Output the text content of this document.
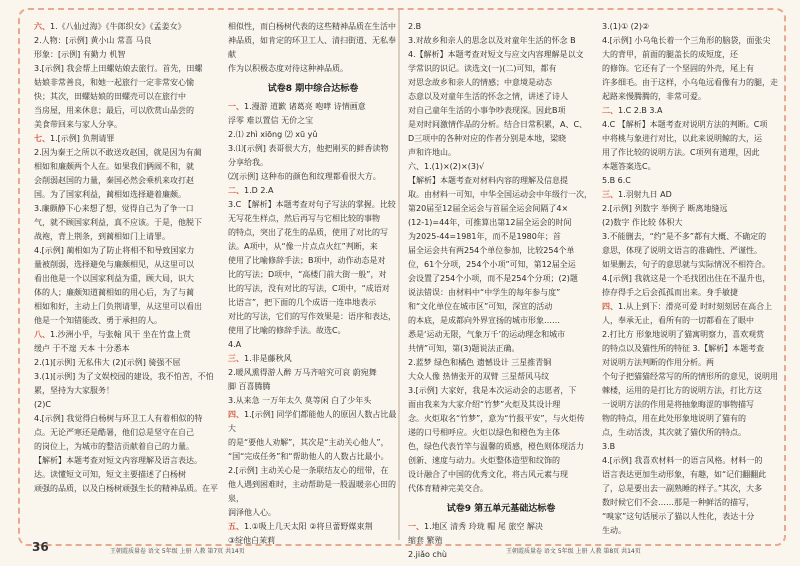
六、1.《八仙过海》《牛郎织女》《孟姜女》

2.人物：[示例] 黄小山 常喜 马良

形象：[示例] 有勤力 机智

3.[示例] 我会帮上田螺姑娘去旅行。首先，田螺

姑娘非常善良，和她一起旅行一定非常安心愉

快；其次，田螺姑娘的田螺壳可以在旅行中

当房屋，用来休息；最后，可以欣赏山品尝的

美食带回来与家人分享。

七、1.[示例] 负荆请罪

2.因为秦王之所以不敢送攻赵国，就是因为有蔺

相如和廉颇两个人在。如果我们俩闹不和，就

会削弱赵国的力量，秦国必然会乘机来攻打赵

国。为了国家利益，蔺相如选择避着廉颇。

3.廉颇静下心来想了想，觉得自己为了争一口

气，就不顾国家利益，真不应该。于是，他脱下

战袍，背上荆条，到蔺相如门上请罪。

4.[示例] 蔺相如为了防止将相不和导致国家力

量被削弱，选择避免与廉颇相见，从这里可以

看出他是一个以国家利益为重，顾大局，识大

体的人；廉颇知道蔺相如的用心后，为了与蔺

相如和好，主动上门负荆请罪，从这里可以看出

他是一个知错能改、勇于承担的人。

八、1.沙洲小乎，与张翰 风干 坐在竹盘上赏

缓卢 于不遑 天本 十分悉本

2.(1)[示例] 无私伟大 (2)[示例] 骑强不屈

3.(1)[示例] 为了文娱校园的建设，我不怕苦，不怕

累，坚持为大家服务！

(2)C

4.[示例] 我觉得白杨树与环卫工人有着相似的特

点。无论严寒还是酷暑，他们总是坚守在自己

的岗位上，为城市的整洁贡献着自己的力量。

【解析】本题考查对短文内容理解及语言表达。

达。读懂短文可知，短文主要描述了白杨树

顽强的品质，以及白杨树顽强生长的精神品质。在平

相似性，而白杨树代表的这些精神品质在生活中

神品质，如肯定的环卫工人、清扫街道、无私奉献

作为以积极态度对待这种神品质。

试卷8 期中综合达标卷

一、1.漫游 道歉 诸葛亮 咆哮 诗情画意

浮零 难以置信 无价之宝

2.⑴ zhì xiōng ⑵ xū yǔ

3.⑴[示例] 表哥很大方，他把刚买的鲜香读物

分享给我。

⑵[示例] 这种布的颜色和纹理都看很大方。

二、1.D 2.A

3.C 【解析】本题考查对句子写法的掌握。比较

无写花生样点，然后再写与它相比较的事物

的特点，突出了花生的品质，使用了对比的写

法。A项中，从“像一片点点火红”判断，来

使用了比喻修辞手法；B项中，动作动态是对

比的写法；D项中，“高楼门前大街一般”，对

比的写法，没有对比的写法，C项中，“成语对

比语言”，把下面的几个成语一连串地表示

对比的写法，它们的写作效果是：语序和表达，

使用了比喻的修辞手法。故选C。

4.A

三、1.非是藤秋风

2.暖风熏得游人醉 万马齐喑究可哀 蔚宛舞

脚 百喜腾腾

3.从来急 一万年太久 莫等闲 白了少年头

四、1.[示例] 同学们都能他人的原因人数占比最大

的是“要他人劝解”，其次是“主动关心他人”，

“国“完成任务”和“帮助他人的人数占比最小。

2.[示例] 主动关心是一条联结友心的纽带，在

他人遇到困难时，主动帮助是一股温暖亲心田的泉，

润泽他人心。

五、1.①吸上几天太阳 ②将旦蕾野媒束荆

③绽他白茉莉

2.B

3.对故乡和亲人的思念以及对童年生活的怀念 B

4.【解析】本题考查对短文与应文内容理解是以文

学常识的识记。读选文(一)(二)可知，都有

对思念故乡和亲人的情感；中意境是动态

态意以及对童年生活的怀念之情，讲述了诗人

对自己童年生活的小事争吵表现深。因此B项

是对时间激情作品的分析。结合日常积累，A、C、

D三项中的各种对应的作者分别是本地，梁晓

声和许地山。

六、1.(1)×(2)×(3)√

【解析】本题考查对材料内容的理解及信息提

取。由材料一可知，中华全国运动会中年级行一次，

第20届至12届全运会与首届全运会间隔了4×

(12-1)=44年，可推算出第12届全运会的时间

为2025-44=1981年，而不是1980年；首

届全运会共有两254个单位参加，比较254个单

位，61个分项，254个小项”可知，第12届全运

会设置了254个小项，而不是254个分项；(2)题

说法错误：由材料中“中学生的每年参与度”

和“文化单位在城市区”可知，深宣的活动

的本底，是成都向外界宣扬的城市形象……

悉是‘运动无限，气象万千’的运动理念和城市

共情”可知，第(3)题说法正确。

2.蓝梦 绿色和橘色 遗憾设计 三星推青铜

大众人像 热情张开的双臂 三星帮风马纹

3.[示例] 大家好，我是本次运动会的志愿者，下

面由我来为大家介绍“竹梦”火炬及其设计理

念。火炬取名“竹梦”，意为“竹报平安”，与火炬传

递的口号相呼应。火炬以绿色和橙色为主体

色，绿色代表竹竿与温馨的质感，橙色则体现活力

创新、速度与动力。火炬整体造型和纹饰的

设计融合了中国的优秀文化，将古风元素与现

代体育精神完美交合。

试卷9 第五单元基础达标卷

一、1.地区 清秀 玲珑 帽 尾 旅空 解决

缩套 繁殖

2.jiǎo chù

3.(1)① (2)②

4.[示例] 小乌龟长着一个三角形的脑袋，面张尖

大的背甲，前面的腿盖长的成短度，还

的修饰。它还有了一个坚固的外壳，尾上有

许多细毛。由于这样，小乌龟远看像有力的腿，走

起路来慢腾腾的，非常可爱。

二、1.C 2.B 3.A

4.C 【解析】本题考查对说明方法的判断。C项

中将桃与象进行对比，以此来说明鲸的大，运

用了作比较的说明方法。C项列有道理，因此

本题答案选C。

5.B 6.C

三、1.羽射九日 AD

2.[示例] 列数字 举例子 断离地缝远

(2)数字 作比较 体积大

3.不能删去，“约”是不多”都有大概、不确定的

意思，体现了说明文语言的准确性、严谨性。

如果删去，句子的意思就与实际情况不相符合。

4.[示例] 我就这是一个毛找团出住在不温升也，

捺存得手之后会孤孤而出来。身手敏捷

四、1.从上到下：滑亮可爱 时时刻刻居在高合上

人，奉承无止，看所有的一切都看在了眼中

2.打比方 形象地说明了猫寓明察力，喜欢观赏

的特点以及猫性所的特征 3.【解析】本题考查

对说明方法判断的作用分析。两

个句子把猫猫经常写的所的情形所的意见，说明用

棘楼，运用的是打比方的说明方法，打比方这

一说明方法的作用是将抽象晦涩的事物描写

物的特点，用在此处形象地说明了猫有的

点，生动活泼，其次就了猫伏所的特点。

3.B

4.[示例] 我喜欢材料一的语言风格。材料一的

语言表达更加生动形象，有趣，如“记们翻翻此

了，总是要出去一副熟睡的样子。”其次，大多

数时候它们不会……那是一种鲜活的描写，

“嗅家”这句话展示了猫以人性化，表达十分

生动。

36	王朝霞质量卷 语文 5年级 上册 人教 第7页 共14页	王朝霞质量卷 语文 5年级 上册 人教 第8页 共14页
